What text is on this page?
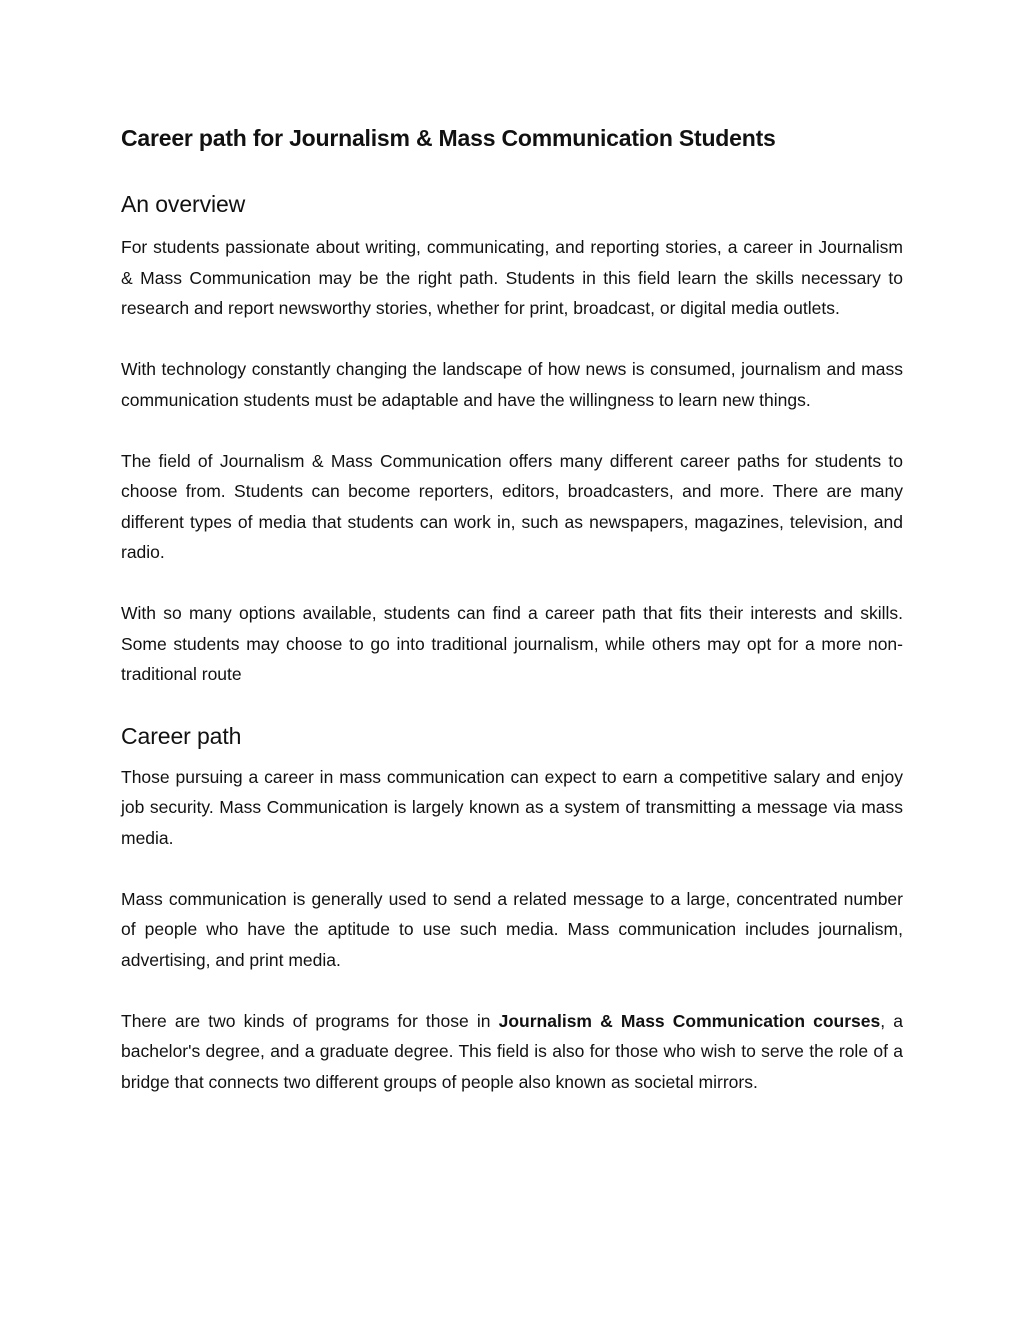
Career path for Journalism & Mass Communication Students
An overview

For students passionate about writing, communicating, and reporting stories, a career in Journalism & Mass Communication may be the right path. Students in this field learn the skills necessary to research and report newsworthy stories, whether for print, broadcast, or digital media outlets.

With technology constantly changing the landscape of how news is consumed, journalism and mass communication students must be adaptable and have the willingness to learn new things.

The field of Journalism & Mass Communication offers many different career paths for students to choose from. Students can become reporters, editors, broadcasters, and more. There are many different types of media that students can work in, such as newspapers, magazines, television, and radio.

With so many options available, students can find a career path that fits their interests and skills. Some students may choose to go into traditional journalism, while others may opt for a more non-traditional route

Career path

Those pursuing a career in mass communication can expect to earn a competitive salary and enjoy job security. Mass Communication is largely known as a system of transmitting a message via mass media.

Mass communication is generally used to send a related message to a large, concentrated number of people who have the aptitude to use such media. Mass communication includes journalism, advertising, and print media.

There are two kinds of programs for those in Journalism & Mass Communication courses, a bachelor's degree, and a graduate degree. This field is also for those who wish to serve the role of a bridge that connects two different groups of people also known as societal mirrors.
